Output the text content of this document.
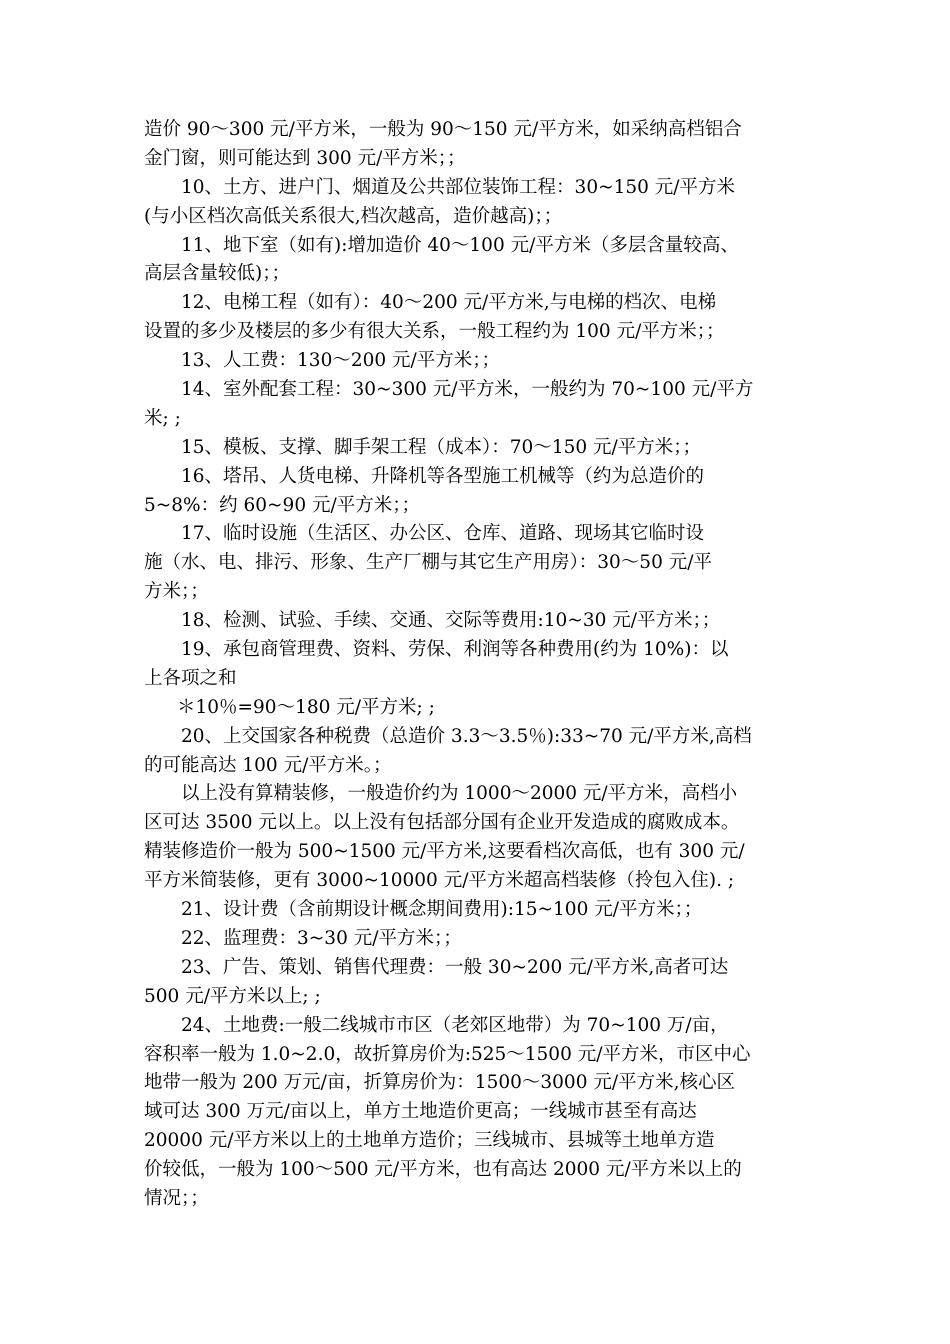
造价 90～300 元/平方米，一般为 90～150 元/平方米，如采纳高档铝合
金门窗，则可能达到 300 元/平方米；；
10、土方、进户门、烟道及公共部位装饰工程：30~150 元/平方米
(与小区档次高低关系很大,档次越高，造价越高)；；
11、地下室（如有):增加造价 40～100 元/平方米（多层含量较高、
高层含量较低)；；
12、电梯工程（如有）：40～200 元/平方米,与电梯的档次、电梯
设置的多少及楼层的多少有很大关系，一般工程约为 100 元/平方米；；
13、人工费：130～200 元/平方米；；
14、室外配套工程：30~300 元/平方米，一般约为 70~100 元/平方
米; ;
15、模板、支撑、脚手架工程（成本）：70～150 元/平方米；；
16、塔吊、人货电梯、升降机等各型施工机械等（约为总造价的
5~8%：约 60~90 元/平方米；；
17、临时设施（生活区、办公区、仓库、道路、现场其它临时设
施（水、电、排污、形象、生产厂棚与其它生产用房）：30～50 元/平
方米；；
18、检测、试验、手续、交通、交际等费用:10~30 元/平方米；；
19、承包商管理费、资料、劳保、利润等各种费用(约为 10%)：以
上各项之和
＊10％=90～180 元/平方米; ;
20、上交国家各种税费（总造价 3.3～3.5％):33~70 元/平方米,高档
的可能高达 100 元/平方米。；
以上没有算精装修，一般造价约为 1000～2000 元/平方米，高档小
区可达 3500 元以上。以上没有包括部分国有企业开发造成的腐败成本。
精装修造价一般为 500~1500 元/平方米,这要看档次高低，也有 300 元/
平方米简装修，更有 3000~10000 元/平方米超高档装修（拎包入住). ;
21、设计费（含前期设计概念期间费用):15~100 元/平方米；；
22、监理费：3~30 元/平方米；；
23、广告、策划、销售代理费：一般 30~200 元/平方米,高者可达
500 元/平方米以上; ;
24、土地费:一般二线城市市区（老郊区地带）为 70~100 万/亩，
容积率一般为 1.0~2.0，故折算房价为:525～1500 元/平方米，市区中心
地带一般为 200 万元/亩，折算房价为：1500～3000 元/平方米,核心区
域可达 300 万元/亩以上，单方土地造价更高；一线城市甚至有高达
20000 元/平方米以上的土地单方造价；三线城市、县城等土地单方造
价较低，一般为 100～500 元/平方米，也有高达 2000 元/平方米以上的
情况；；
